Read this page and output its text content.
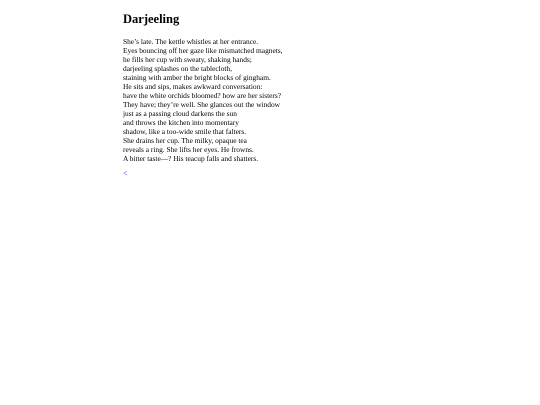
Darjeeling
She’s late. The kettle whistles at her entrance.
Eyes bouncing off her gaze like mismatched magnets,
he fills her cup with sweaty, shaking hands;
darjeeling splashes on the tablecloth,
staining with amber the bright blocks of gingham.
He sits and sips, makes awkward conversation:
have the white orchids bloomed? how are her sisters?
They have; they’re well. She glances out the window
just as a passing cloud darkens the sun
and throws the kitchen into momentary
shadow, like a too-wide smile that falters.
She drains her cup. The milky, opaque tea
reveals a ring. She lifts her eyes. He frowns.
A bitter taste—? His teacup falls and shatters.
<
